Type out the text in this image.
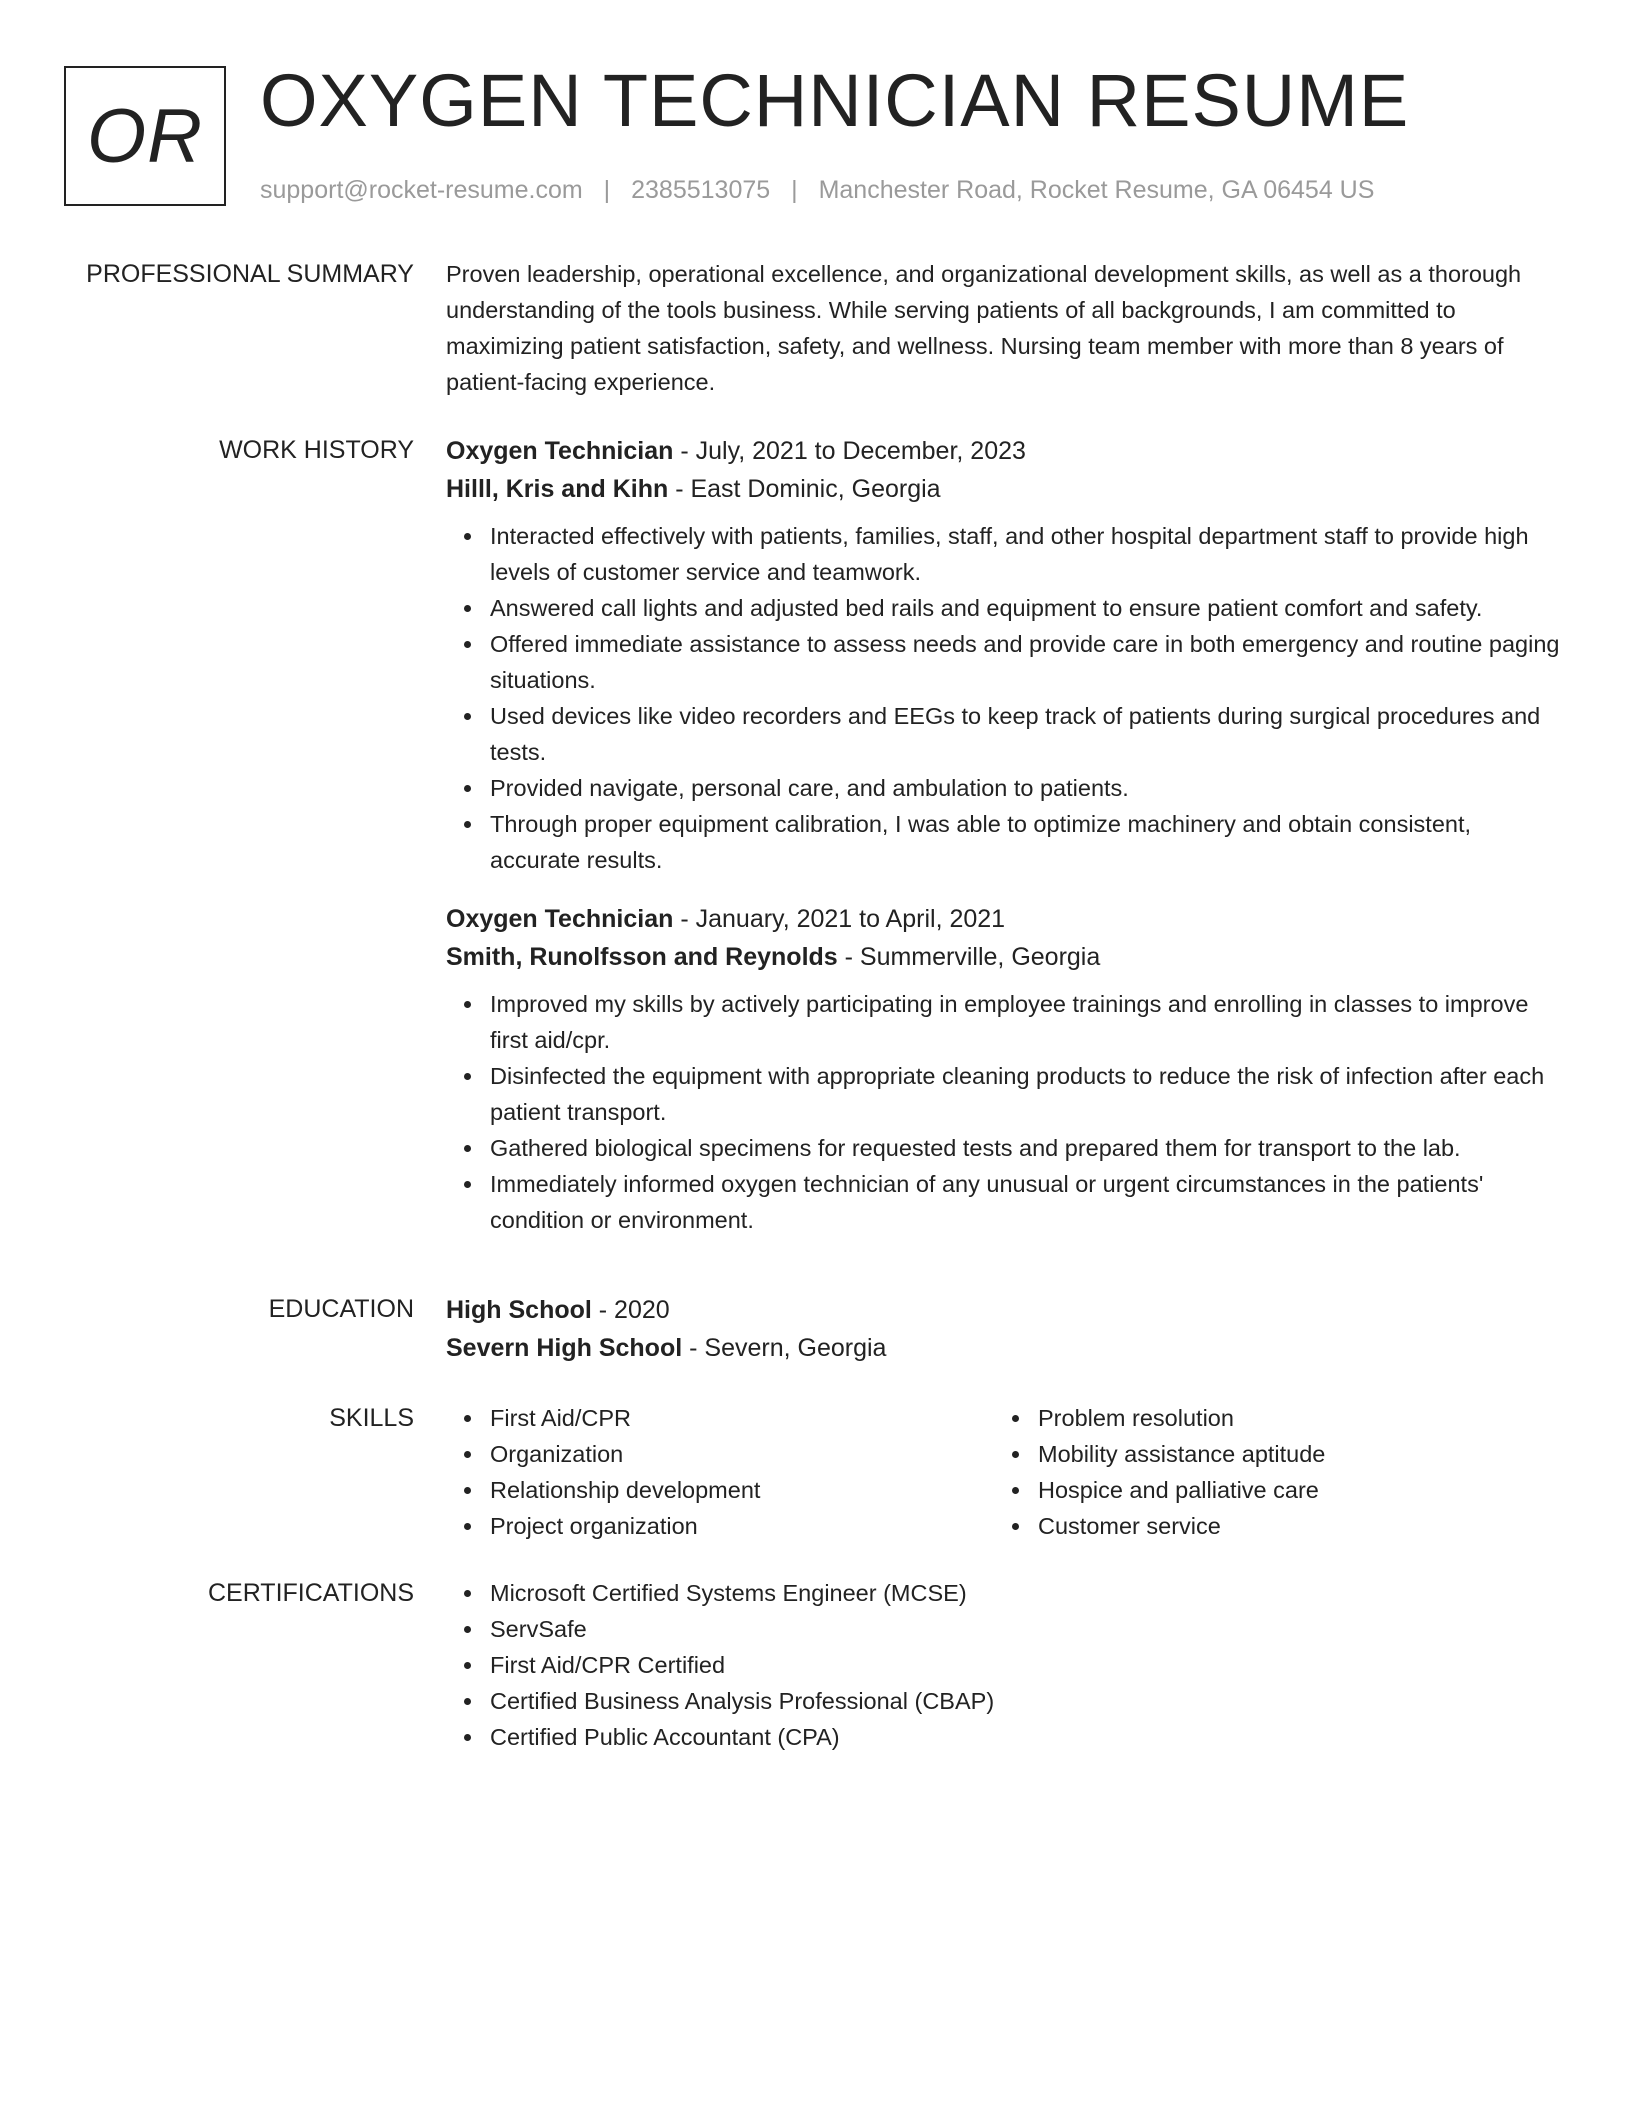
OR OXYGEN TECHNICIAN RESUME
support@rocket-resume.com | 2385513075 | Manchester Road, Rocket Resume, GA 06454 US
PROFESSIONAL SUMMARY Proven leadership, operational excellence, and organizational development skills, as well as a thorough understanding of the tools business. While serving patients of all backgrounds, I am committed to maximizing patient satisfaction, safety, and wellness. Nursing team member with more than 8 years of patient-facing experience.

WORK HISTORY Oxygen Technician - July, 2021 to December, 2023
Hilll, Kris and Kihn - East Dominic, Georgia
Interacted effectively with patients, families, staff, and other hospital department staff to provide high levels of customer service and teamwork.
Answered call lights and adjusted bed rails and equipment to ensure patient comfort and safety.
Offered immediate assistance to assess needs and provide care in both emergency and routine paging situations.
Used devices like video recorders and EEGs to keep track of patients during surgical procedures and tests.
Provided navigate, personal care, and ambulation to patients.
Through proper equipment calibration, I was able to optimize machinery and obtain consistent, accurate results.
Oxygen Technician - January, 2021 to April, 2021
Smith, Runolfsson and Reynolds - Summerville, Georgia
Improved my skills by actively participating in employee trainings and enrolling in classes to improve first aid/cpr.
Disinfected the equipment with appropriate cleaning products to reduce the risk of infection after each patient transport.
Gathered biological specimens for requested tests and prepared them for transport to the lab.
Immediately informed oxygen technician of any unusual or urgent circumstances in the patients' condition or environment.
EDUCATION High School - 2020
Severn High School - Severn, Georgia
SKILLS	First Aid/CPR
Organization
Relationship development
Project organization
Problem resolution
Mobility assistance aptitude
Hospice and palliative care
Customer service
CERTIFICATIONS	Microsoft Certified Systems Engineer (MCSE)
ServSafe
First Aid/CPR Certified
Certified Business Analysis Professional (CBAP)
Certified Public Accountant (CPA)
